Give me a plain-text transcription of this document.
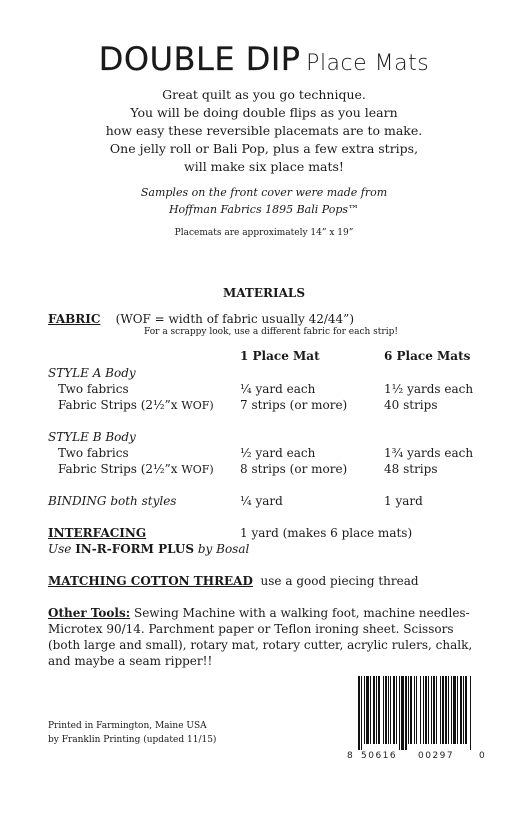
DOUBLE DIP Place Mats
Great quilt as you go technique.
You will be doing double flips as you learn
how easy these reversible placemats are to make.
One jelly roll or Bali Pop, plus a few extra strips,
will make six place mats!
Samples on the front cover were made from
Hoffman Fabrics 1895 Bali Pops™
Placemats are approximately 14” x 19”
MATERIALS
FABRIC (WOF = width of fabric usually 42/44”)
For a scrappy look, use a different fabric for each strip!
1 Place Mat	6 Place Mats
STYLE A Body
Two fabrics	¼ yard each	1½ yards each
Fabric Strips (2½”x WOF) 7 strips (or more)	40 strips
STYLE B Body
Two fabrics	½ yard each	1¾ yards each
Fabric Strips (2½”x WOF) 8 strips (or more)	48 strips
BINDING both styles	¼ yard	1 yard
INTERFACING	1 yard (makes 6 place mats)
Use IN-R-FORM PLUS by Bosal
MATCHING COTTON THREAD use a good piecing thread
Other Tools: Sewing Machine with a walking foot, machine needles- Microtex 90/14. Parchment paper or Teflon ironing sheet. Scissors (both large and small), rotary mat, rotary cutter, acrylic rulers, chalk, and maybe a seam ripper!!
Printed in Farmington, Maine USA
by Franklin Printing (updated 11/15)
8 50616 00297	0
